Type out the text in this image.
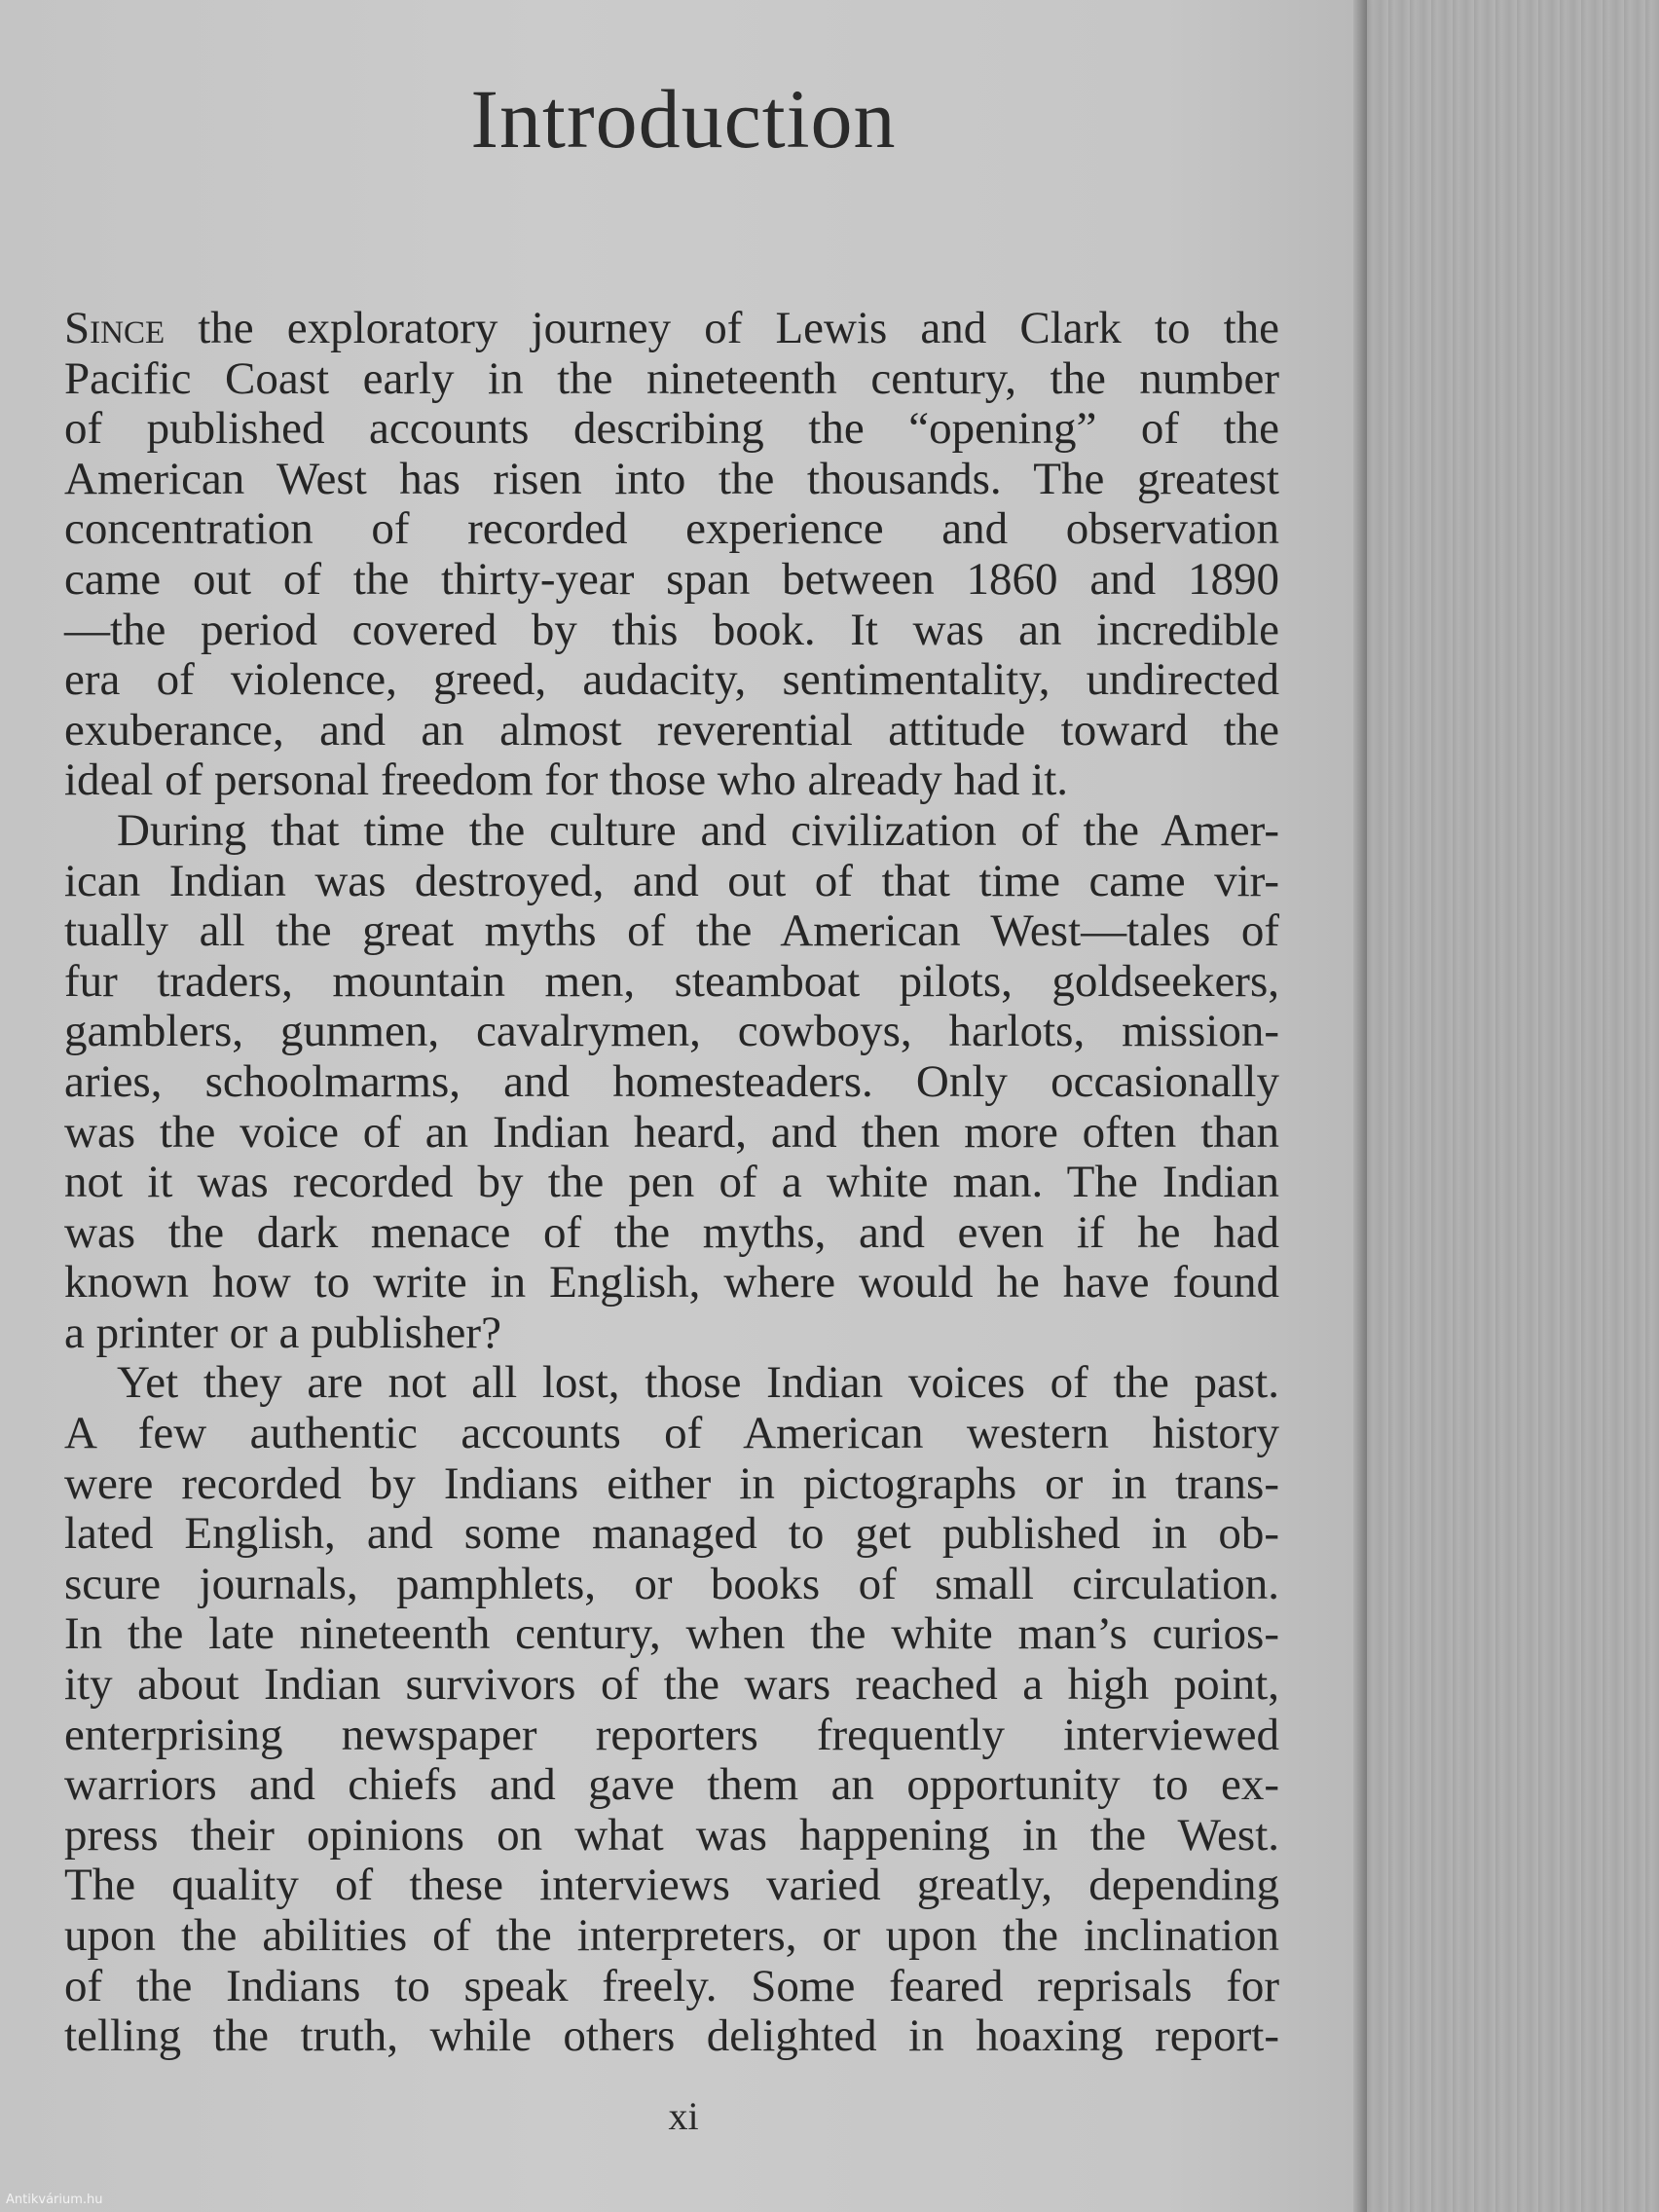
Introduction
Since the exploratory journey of Lewis and Clark to the
Pacific Coast early in the nineteenth century, the number
of published accounts describing the “opening” of the
American West has risen into the thousands. The greatest
concentration of recorded experience and observation
came out of the thirty-year span between 1860 and 1890
—the period covered by this book. It was an incredible
era of violence, greed, audacity, sentimentality, undirected
exuberance, and an almost reverential attitude toward the
ideal of personal freedom for those who already had it.
During that time the culture and civilization of the Amer-
ican Indian was destroyed, and out of that time came vir-
tually all the great myths of the American West—tales of
fur traders, mountain men, steamboat pilots, goldseekers,
gamblers, gunmen, cavalrymen, cowboys, harlots, mission-
aries, schoolmarms, and homesteaders. Only occasionally
was the voice of an Indian heard, and then more often than
not it was recorded by the pen of a white man. The Indian
was the dark menace of the myths, and even if he had
known how to write in English, where would he have found
a printer or a publisher?
Yet they are not all lost, those Indian voices of the past.
A few authentic accounts of American western history
were recorded by Indians either in pictographs or in trans-
lated English, and some managed to get published in ob-
scure journals, pamphlets, or books of small circulation.
In the late nineteenth century, when the white man’s curios-
ity about Indian survivors of the wars reached a high point,
enterprising newspaper reporters frequently interviewed
warriors and chiefs and gave them an opportunity to ex-
press their opinions on what was happening in the West.
The quality of these interviews varied greatly, depending
upon the abilities of the interpreters, or upon the inclination
of the Indians to speak freely. Some feared reprisals for
telling the truth, while others delighted in hoaxing report-
xi
Antikvárium.hu
